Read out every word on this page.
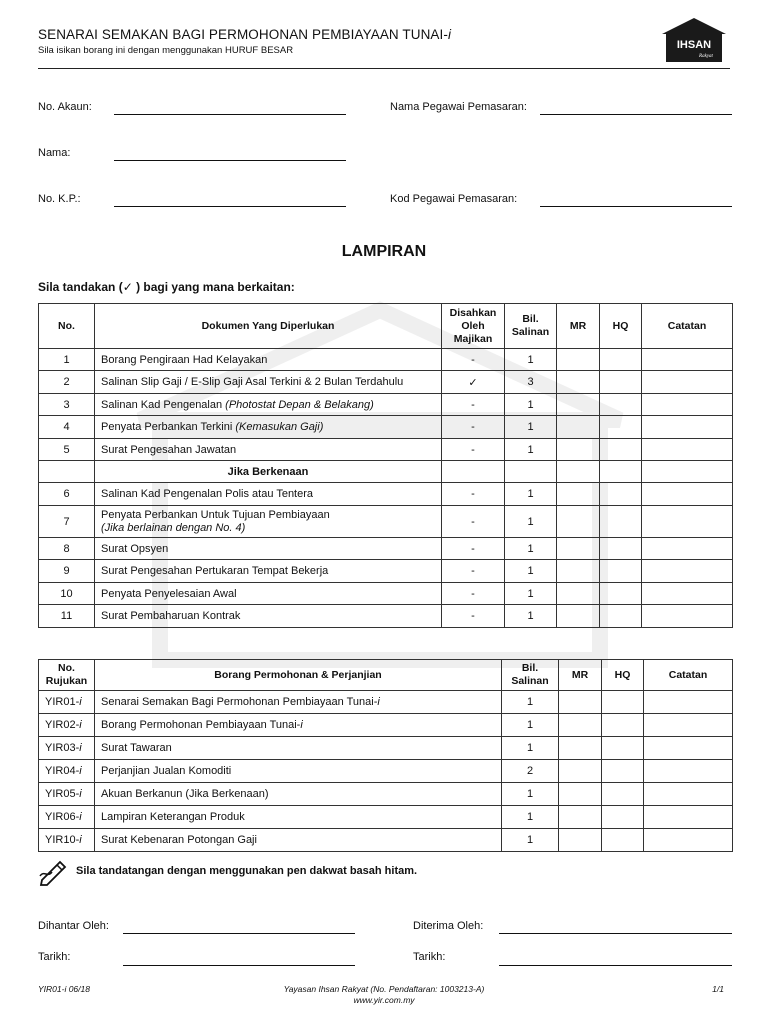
SENARAI SEMAKAN BAGI PERMOHONAN PEMBIAYAAN TUNAI-i
Sila isikan borang ini dengan menggunakan HURUF BESAR	IHSAN
Rakyat
No. Akaun:	Nama Pegawai Pemasaran:
Nama:
No. K.P.:	Kod Pegawai Pemasaran:
LAMPIRAN
Sila tandakan (✓ ) bagi yang mana berkaitan:
No.	Dokumen Yang Diperlukan	Disahkan Oleh Majikan	Bil. Salinan	MR	HQ	Catatan
1	Borang Pengiraan Had Kelayakan	-	1			
2	Salinan Slip Gaji / E-Slip Gaji Asal Terkini & 2 Bulan Terdahulu	✓	3			
3	Salinan Kad Pengenalan (Photostat Depan & Belakang)	-	1			
4	Penyata Perbankan Terkini (Kemasukan Gaji)	-	1			
5	Surat Pengesahan Jawatan	-	1			
	Jika Berkenaan					
6	Salinan Kad Pengenalan Polis atau Tentera	-	1			
7	Penyata Perbankan Untuk Tujuan Pembiayaan
(Jika berlainan dengan No. 4)	-	1			
8	Surat Opsyen	-	1			
9	Surat Pengesahan Pertukaran Tempat Bekerja	-	1			
10	Penyata Penyelesaian Awal	-	1			
11	Surat Pembaharuan Kontrak	-	1			
No. Rujukan	Borang Permohonan & Perjanjian	Bil. Salinan	MR	HQ	Catatan
YIR01-i	Senarai Semakan Bagi Permohonan Pembiayaan Tunai-i	1			
YIR02-i	Borang Permohonan Pembiayaan Tunai-i	1			
YIR03-i	Surat Tawaran	1			
YIR04-i	Perjanjian Jualan Komoditi	2			
YIR05-i	Akuan Berkanun (Jika Berkenaan)	1			
YIR06-i	Lampiran Keterangan Produk	1			
YIR10-i	Surat Kebenaran Potongan Gaji	1			
Sila tandatangan dengan menggunakan pen dakwat basah hitam.
Dihantar Oleh:	Diterima Oleh:
Tarikh:	Tarikh:
YIR01-i 06/18	Yayasan Ihsan Rakyat (No. Pendaftaran: 1003213-A)
www.yir.com.my
1/1
